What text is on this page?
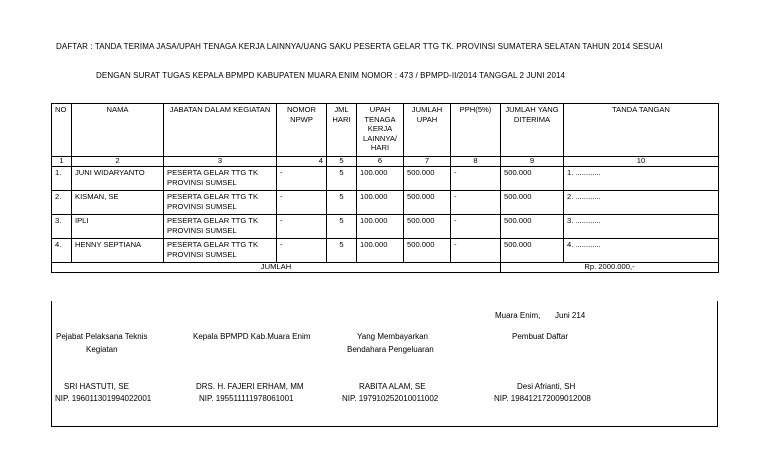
DAFTAR : TANDA TERIMA JASA/UPAH TENAGA KERJA LAINNYA/UANG SAKU PESERTA GELAR TTG TK. PROVINSI SUMATERA SELATAN TAHUN 2014 SESUAI
DENGAN SURAT TUGAS KEPALA BPMPD KABUPATEN MUARA ENIM NOMOR : 473 / BPMPD-II/2014 TANGGAL 2 JUNI 2014
NO	NAMA	JABATAN DALAM KEGIATAN	NOMOR NPWP	JML HARI	UPAH TENAGA KERJA LAINNYA/ HARI	JUMLAH UPAH	PPH(5%)	JUMLAH YANG DITERIMA	TANDA TANGAN
1	2	3	4	5	6	7	8	9	10
1.	JUNI WIDARYANTO	PESERTA GELAR TTG TK PROVINSI SUMSEL	-	5	100.000	500.000	-	500.000	1. ............
2.	KISMAN, SE	PESERTA GELAR TTG TK PROVINSI SUMSEL	-	5	100.000	500.000	-	500.000	2. ............
3.	IPLI	PESERTA GELAR TTG TK PROVINSI SUMSEL	-	5	100.000	500.000	-	500.000	3. ............
4.	HENNY SEPTIANA	PESERTA GELAR TTG TK PROVINSI SUMSEL	-	5	100.000	500.000	-	500.000	4. ............
JUMLAH								Rp. 2000.000,-	
Muara Enim, Juni 214
Pejabat Pelaksana Teknis
Kegiatan
SRI HASTUTI, SE
NIP. 196011301994022001
Kepala BPMPD Kab.Muara Enim
DRS. H. FAJERI ERHAM, MM
NIP. 195511111978061001
Yang Membayarkan
Bendahara Pengeluaran
RABITA ALAM, SE
NIP. 197910252010011002
Pembuat Daftar
Desi Afrianti, SH
NIP. 198412172009012008
